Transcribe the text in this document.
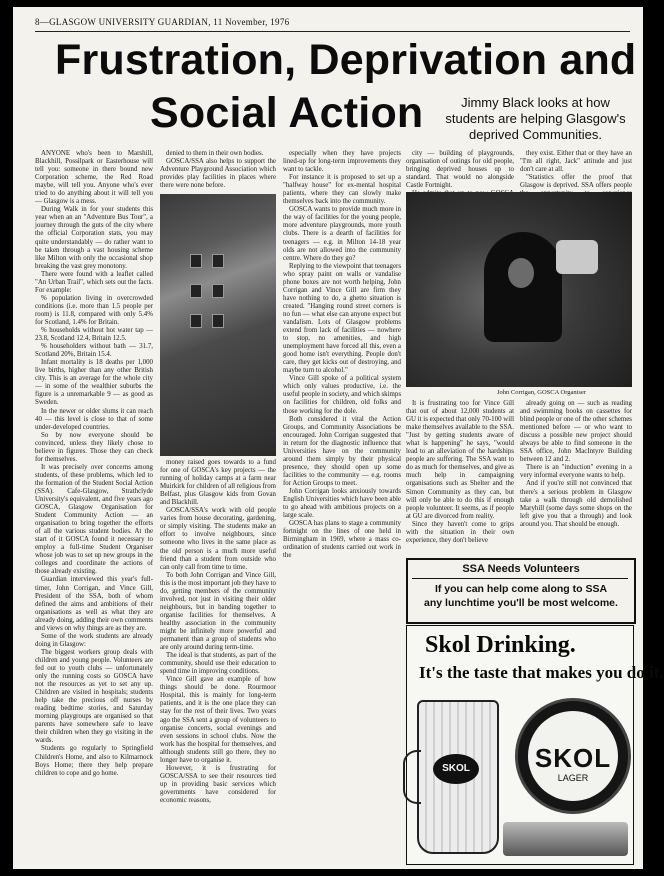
8—GLASGOW UNIVERSITY GUARDIAN, 11 November, 1976
Frustration, Deprivation and
Social Action	Jimmy Black looks at how
students are helping Glasgow's
deprived Communities.

ANYONE who's been to Marshill, Blackhill, Possilpark or Easterhouse will tell you: someone in there bound new Corporation scheme, the Red Road maybe, will tell you. Anyone who's ever tried to do anything about it will tell you — Glasgow is a mess.

During Walk in for your students this year when an an "Adventure Bus Tour", a journey through the guts of the city where the official Corporation stats, you may quite understandably — do rather want to be taken through a vast housing scheme like Milton with only the occasional shop breaking the vast grey monotony.

There were found with a leaflet called "An Urban Trail", which sets out the facts. For example:

% population living in overcrowded conditions (i.e. more than 1.5 people per room) is 11.8, compared with only 5.4% for Scotland, 1.4% for Britain.

% households without hot water tap — 23.8, Scotland 12.4, Britain 12.5.

% householders without bath — 31.7, Scotland 20%, Britain 15.4.

Infant mortality is 18 deaths per 1,000 live births, higher than any other British city. This is an average for the whole city — in some of the wealthier suburbs the figure is a unremarkable 9 — as good as Sweden.

In the newer or older slums it can reach 40 — this level is close to that of some under-developed countries.

So by now everyone should be convinced, unless they likely chose to believe in figures. Those they can check for themselves.

It was precisely over concerns among students, of these problems, which led to the formation of the Student Social Action (SSA). Cafe-Glasgow, Strathclyde University's equivalent, and five years ago GOSCA, Glasgow Organisation for Student Community Action — an organisation to bring together the efforts of all the various student bodies. At the start of it GOSCA found it necessary to employ a full-time Student Organiser whose job was to set up new groups in the colleges and coordinate the actions of those already existing.

Guardian interviewed this year's full-timer, John Corrigan, and Vince Gill, President of the SSA, both of whom defined the aims and ambitions of their organisations as well as what they are already doing, adding their own comments and views on why things are as they are.

Some of the work students are already doing in Glasgow:

The biggest workers group deals with children and young people. Volunteers are fed out to youth clubs — unfortunately only the running costs so GOSCA have not the resources as yet to set any up. Children are visited in hospitals; students help take the precious off nurses by reading bedtime stories, and Saturday morning playgroups are organised so that parents have somewhere safe to leave their children when they go visiting in the wards.

Students go regularly to Springfield Children's Home, and also to Kilmarnock Boys Home; there they help prepare children to cope and go home.

denied to them in their own bodies.

GOSCA/SSA also helps to support the Adventure Playground Association which provides play facilities in places where there were none before.

money raised goes towards to a fund for one of GOSCA's key projects — the running of holiday camps at a farm near Muirkirk for children of all religious from Belfast, plus Glasgow kids from Govan and Blackhill.

GOSCA/SSA's work with old people varies from house decorating, gardening, or simply visiting. The students make an effort to involve neighbours, since someone who lives in the same place as the old person is a much more useful friend than a student from outside who can only call from time to time.

To both John Corrigan and Vince Gill, this is the most important job they have to do, getting members of the community involved, not just in visiting their older neighbours, but in banding together to organise facilities for themselves. A healthy association in the community might be infinitely more powerful and permanent than a group of students who are only around during term-time.

The ideal is that students, as part of the community, should use their education to spend time in improving conditions.

Vince Gill gave an example of how things should be done. Rourmoor Hospital, this is mainly for long-term patients, and it is the one place they can stay for the rest of their lives. Two years ago the SSA sent a group of volunteers to organise concerts, social evenings and even sessions in school clubs. Now the work has the hospital for themselves, and although students still go there, they no longer have to organise it.

However, it is frustrating for GOSCA/SSA to see their resources tied up in providing basic services which governments have considered for economic reasons,

especially when they have projects lined-up for long-term improvements they want to tackle.

For instance it is proposed to set up a "halfway house" for ex-mental hospital patients, where they can slowly make themselves back into the community.

GOSCA wants to provide much more in the way of facilities for the young people, more adventure playgrounds, more youth clubs. There is a dearth of facilities for teenagers — e.g. in Milton 14-18 year olds are not allowed into the community centre. Where do they go?

Replying to the viewpoint that teenagers who spray paint on walls or vandalise phone boxes are not worth helping, John Corrigan and Vince Gill are firm they have nothing to do, a ghetto situation is created. "Hanging round street corners is no fun — what else can anyone expect but vandalism. Lots of Glasgow problems extend from lack of facilities — nowhere to stop, no amenities, and high unemployment have forced all this, even a good home isn't everything. People don't care, they get kicks out of destroying, and maybe turn to alcohol."

Vince Gill spoke of a political system which only values productive, i.e. the useful people in society, and which skimps on facilities for children, old folks and those working for the dole.

Both considered it vital the Action Groups, and Community Associations be encouraged. John Corrigan suggested that in return for the diagnostic influence that Universities have on the community around them simply by their physical presence, they should open up some facilities to the community — e.g. rooms for Action Groups to meet.

John Corrigan looks anxiously towards English Universities which have been able to go ahead with ambitious projects on a large scale.

GOSCA has plans to stage a community fortnight on the lines of one held in Birmingham in 1969, where a mass co-ordination of students carried out work in the

city — building of playgrounds, organisation of outings for old people, bringing deprived houses up to standard. That would no alongside Castle Fortnight.

they exist. Either that or they have an "I'm all right, Jack" attitude and just don't care at all.

"Statistics offer the proof that Glasgow is deprived. SSA offers people

John Corrigan, GOSCA Organiser

It is frustrating too for Vince Gill that out of about 12,000 students at GU it is expected that only 70-100 will make themselves available to the SSA. "Just by getting students aware of what is happening" he says, "would lead to an alleviation of the hardships people are suffering. The SSA want to do as much for themselves, and give as much help in campaigning organisations such as Shelter and the Simon Community as they can, but will only be able to do this if enough people volunteer. It seems, as if people at GU are divorced from reality.

Since they haven't come to grips with the situation in their own experience, they don't believe

already going on — such as reading and swimming books on cassettes for blind people or one of the other schemes mentioned before — or who want to discuss a possible new project should always be able to find someone in the SSA office, John MacIntyre Building between 12 and 2.

There is an "induction" evening in a very informal everyone wants to help.

And if you're still not convinced that there's a serious problem in Glasgow take a walk through old demolished Maryhill (some days some shops on the left give you that a through) and look around you. That should be enough.

SSA Needs Volunteers
If you can help come along to SSA
any lunchtime you'll be most welcome.
Skol Drinking.
It's the taste that makes you do it.
SKOL	SKOL
LAGER
